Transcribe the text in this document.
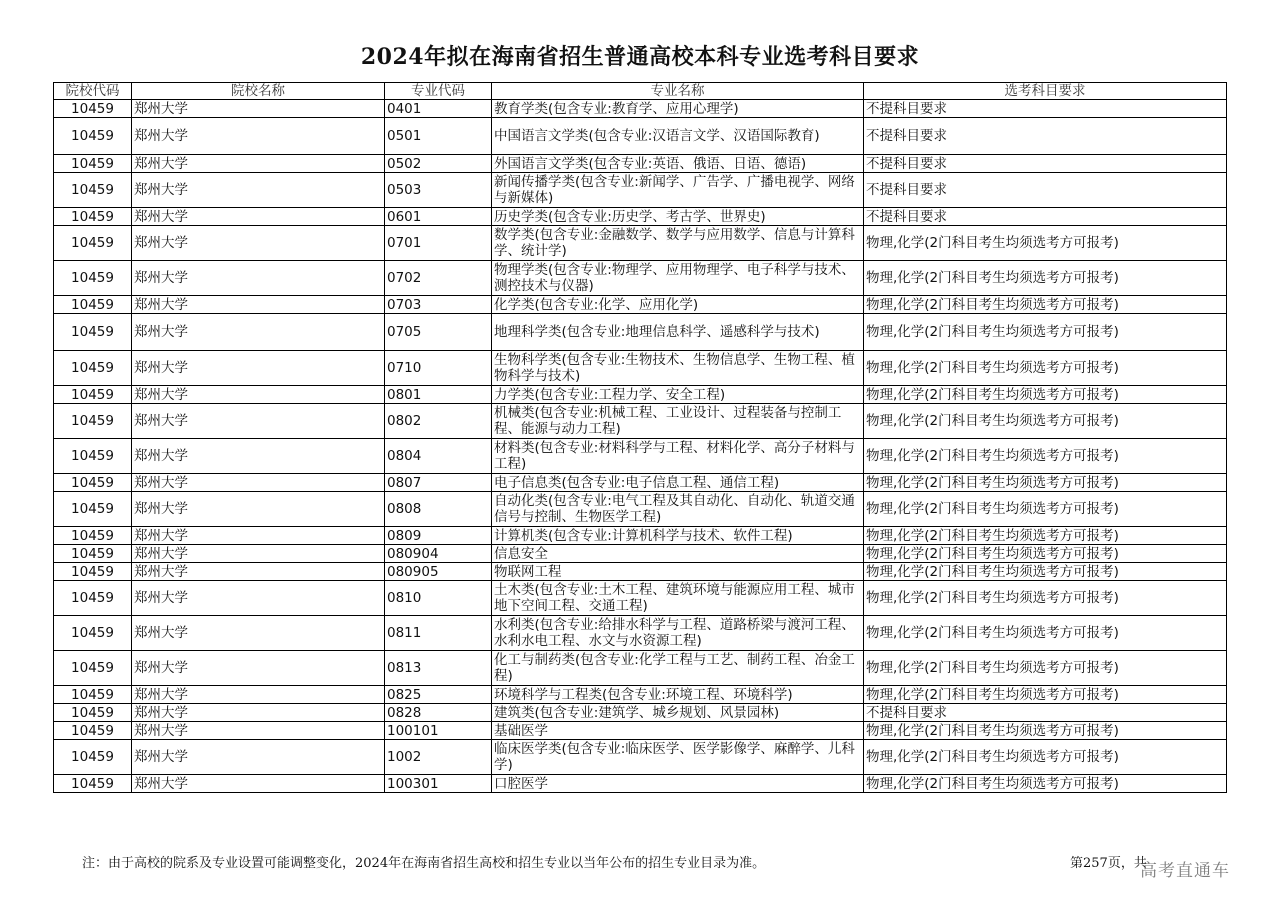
2024年拟在海南省招生普通高校本科专业选考科目要求
院校代码	院校名称	专业代码	专业名称	选考科目要求
10459	郑州大学	0401	教育学类(包含专业:教育学、应用心理学)	不提科目要求
10459	郑州大学	0501	中国语言文学类(包含专业:汉语言文学、汉语国际教育)	不提科目要求
10459	郑州大学	0502	外国语言文学类(包含专业:英语、俄语、日语、德语)	不提科目要求
10459	郑州大学	0503	新闻传播学类(包含专业:新闻学、广告学、广播电视学、网络与新媒体)	不提科目要求
10459	郑州大学	0601	历史学类(包含专业:历史学、考古学、世界史)	不提科目要求
10459	郑州大学	0701	数学类(包含专业:金融数学、数学与应用数学、信息与计算科学、统计学)	物理,化学(2门科目考生均须选考方可报考)
10459	郑州大学	0702	物理学类(包含专业:物理学、应用物理学、电子科学与技术、测控技术与仪器)	物理,化学(2门科目考生均须选考方可报考)
10459	郑州大学	0703	化学类(包含专业:化学、应用化学)	物理,化学(2门科目考生均须选考方可报考)
10459	郑州大学	0705	地理科学类(包含专业:地理信息科学、遥感科学与技术)	物理,化学(2门科目考生均须选考方可报考)
10459	郑州大学	0710	生物科学类(包含专业:生物技术、生物信息学、生物工程、植物科学与技术)	物理,化学(2门科目考生均须选考方可报考)
10459	郑州大学	0801	力学类(包含专业:工程力学、安全工程)	物理,化学(2门科目考生均须选考方可报考)
10459	郑州大学	0802	机械类(包含专业:机械工程、工业设计、过程装备与控制工程、能源与动力工程)	物理,化学(2门科目考生均须选考方可报考)
10459	郑州大学	0804	材料类(包含专业:材料科学与工程、材料化学、高分子材料与工程)	物理,化学(2门科目考生均须选考方可报考)
10459	郑州大学	0807	电子信息类(包含专业:电子信息工程、通信工程)	物理,化学(2门科目考生均须选考方可报考)
10459	郑州大学	0808	自动化类(包含专业:电气工程及其自动化、自动化、轨道交通信号与控制、生物医学工程)	物理,化学(2门科目考生均须选考方可报考)
10459	郑州大学	0809	计算机类(包含专业:计算机科学与技术、软件工程)	物理,化学(2门科目考生均须选考方可报考)
10459	郑州大学	080904	信息安全	物理,化学(2门科目考生均须选考方可报考)
10459	郑州大学	080905	物联网工程	物理,化学(2门科目考生均须选考方可报考)
10459	郑州大学	0810	土木类(包含专业:土木工程、建筑环境与能源应用工程、城市地下空间工程、交通工程)	物理,化学(2门科目考生均须选考方可报考)
10459	郑州大学	0811	水利类(包含专业:给排水科学与工程、道路桥梁与渡河工程、水利水电工程、水文与水资源工程)	物理,化学(2门科目考生均须选考方可报考)
10459	郑州大学	0813	化工与制药类(包含专业:化学工程与工艺、制药工程、冶金工程)	物理,化学(2门科目考生均须选考方可报考)
10459	郑州大学	0825	环境科学与工程类(包含专业:环境工程、环境科学)	物理,化学(2门科目考生均须选考方可报考)
10459	郑州大学	0828	建筑类(包含专业:建筑学、城乡规划、风景园林)	不提科目要求
10459	郑州大学	100101	基础医学	物理,化学(2门科目考生均须选考方可报考)
10459	郑州大学	1002	临床医学类(包含专业:临床医学、医学影像学、麻醉学、儿科学)	物理,化学(2门科目考生均须选考方可报考)
10459	郑州大学	100301	口腔医学	物理,化学(2门科目考生均须选考方可报考)
注：由于高校的院系及专业设置可能调整变化，2024年在海南省招生高校和招生专业以当年公布的招生专业目录为准。	第257页，共
高考直通车
